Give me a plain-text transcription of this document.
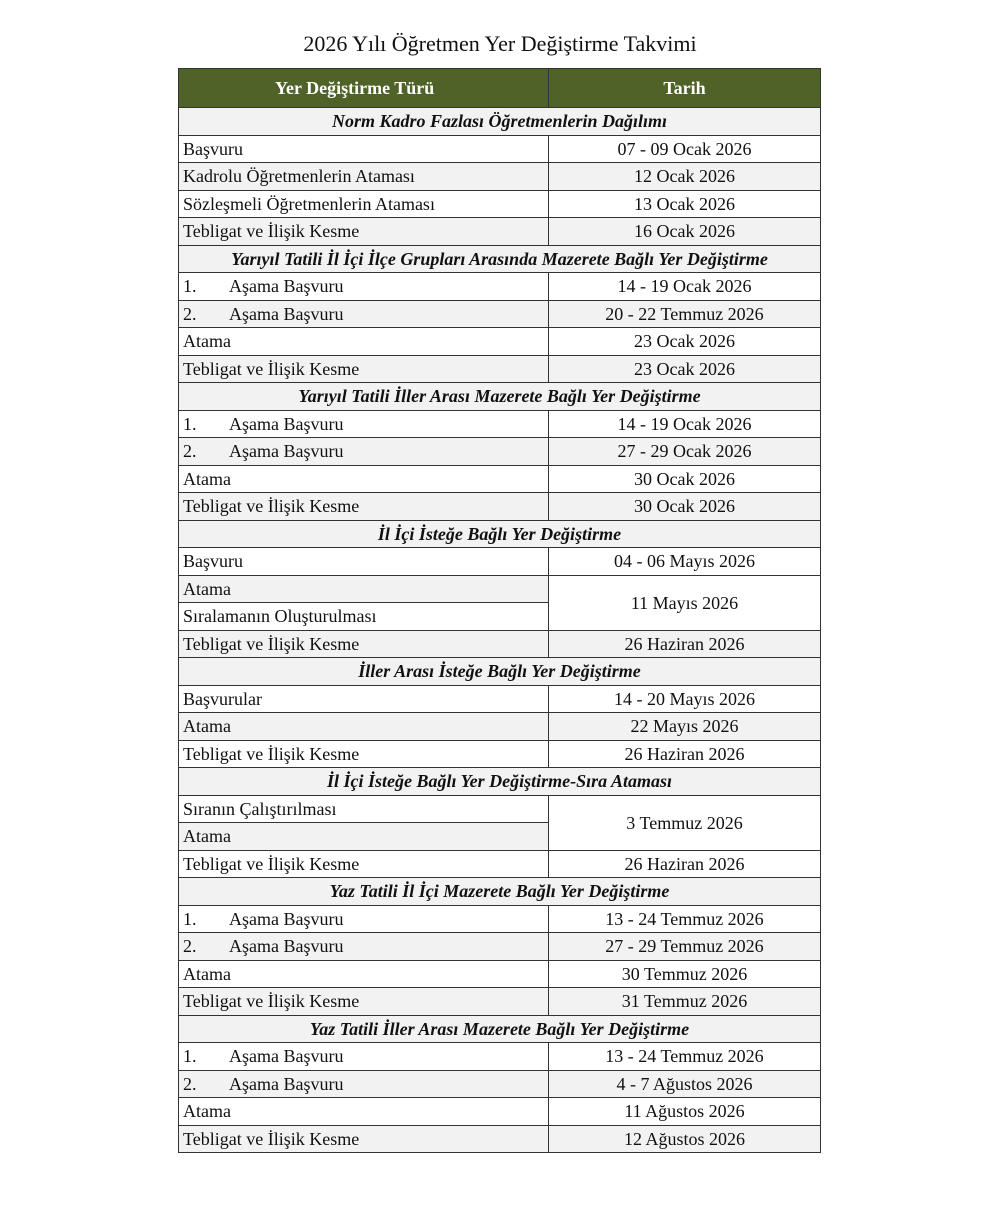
2026 Yılı Öğretmen Yer Değiştirme Takvimi
Yer Değiştirme Türü	Tarih
Norm Kadro Fazlası Öğretmenlerin Dağılımı	
Başvuru	07 - 09 Ocak 2026
Kadrolu Öğretmenlerin Ataması	12 Ocak 2026
Sözleşmeli Öğretmenlerin Ataması	13 Ocak 2026
Tebligat ve İlişik Kesme	16 Ocak 2026
Yarıyıl Tatili İl İçi İlçe Grupları Arasında Mazerete Bağlı Yer Değiştirme	
1. Aşama Başvuru	14 - 19 Ocak 2026
2. Aşama Başvuru	20 - 22 Temmuz 2026
Atama	23 Ocak 2026
Tebligat ve İlişik Kesme	23 Ocak 2026
Yarıyıl Tatili İller Arası Mazerete Bağlı Yer Değiştirme	
1. Aşama Başvuru	14 - 19 Ocak 2026
2. Aşama Başvuru	27 - 29 Ocak 2026
Atama	30 Ocak 2026
Tebligat ve İlişik Kesme	30 Ocak 2026
İl İçi İsteğe Bağlı Yer Değiştirme	
Başvuru	04 - 06 Mayıs 2026
Atama	11 Mayıs 2026
Sıralamanın Oluşturulması	
Tebligat ve İlişik Kesme	26 Haziran 2026
İller Arası İsteğe Bağlı Yer Değiştirme	
Başvurular	14 - 20 Mayıs 2026
Atama	22 Mayıs 2026
Tebligat ve İlişik Kesme	26 Haziran 2026
İl İçi İsteğe Bağlı Yer Değiştirme-Sıra Ataması	
Sıranın Çalıştırılması	3 Temmuz 2026
Atama	
Tebligat ve İlişik Kesme	26 Haziran 2026
Yaz Tatili İl İçi Mazerete Bağlı Yer Değiştirme	
1. Aşama Başvuru	13 - 24 Temmuz 2026
2. Aşama Başvuru	27 - 29 Temmuz 2026
Atama	30 Temmuz 2026
Tebligat ve İlişik Kesme	31 Temmuz 2026
Yaz Tatili İller Arası Mazerete Bağlı Yer Değiştirme	
1. Aşama Başvuru	13 - 24 Temmuz 2026
2. Aşama Başvuru	4 - 7 Ağustos 2026
Atama	11 Ağustos 2026
Tebligat ve İlişik Kesme	12 Ağustos 2026
